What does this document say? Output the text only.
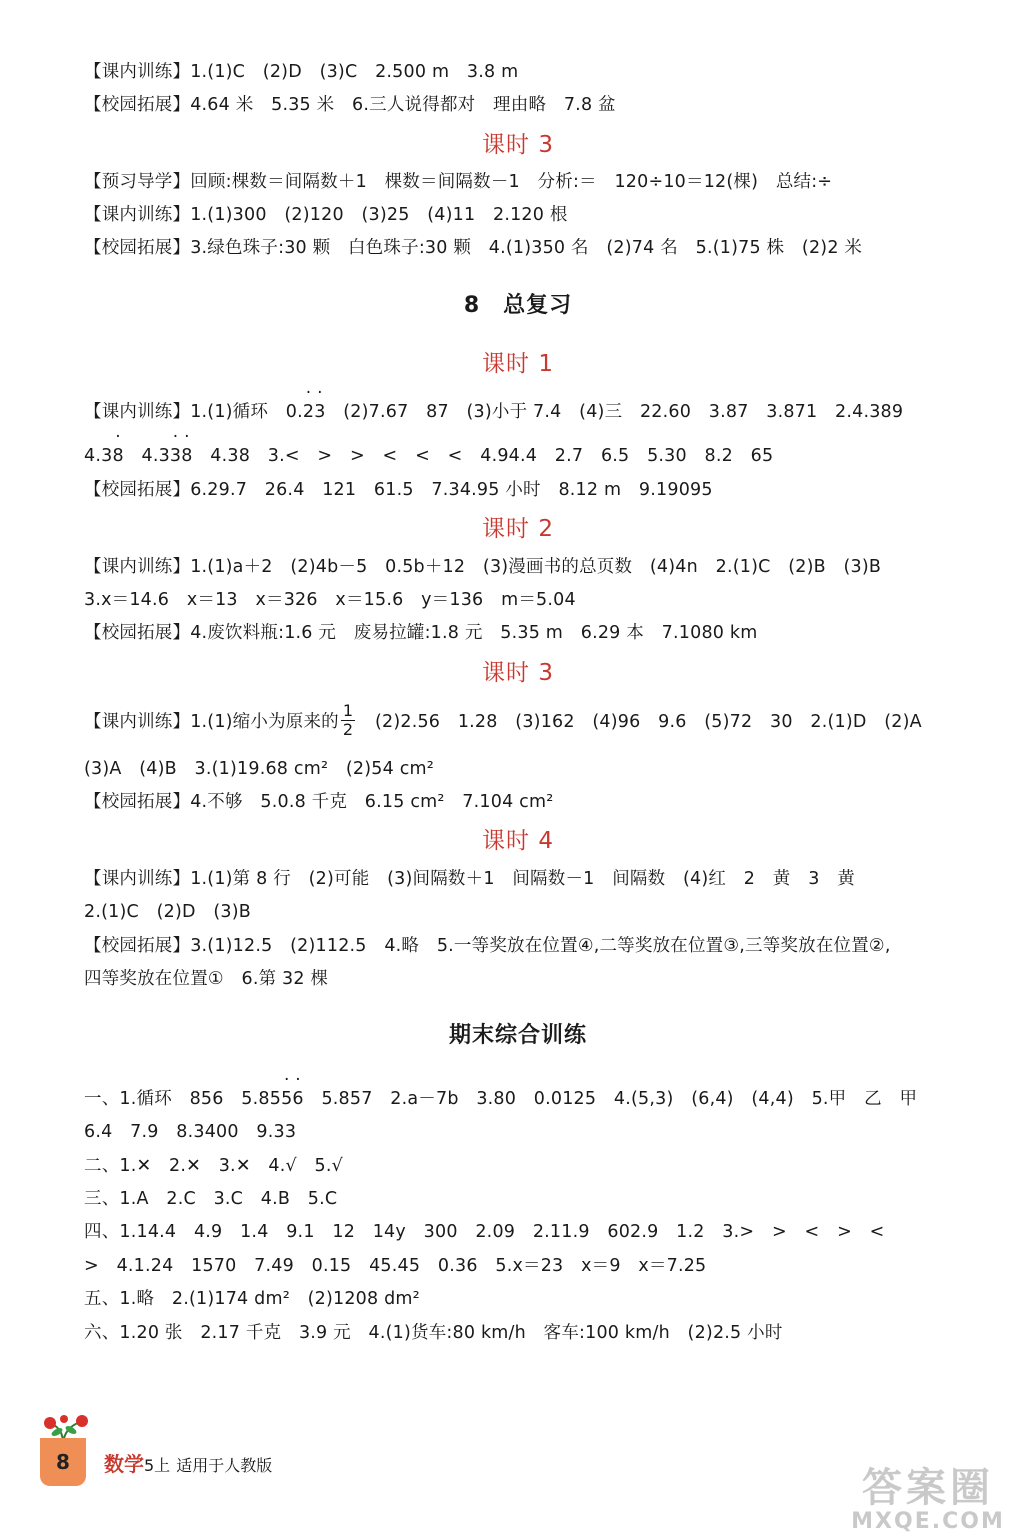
【课内训练】1.(1)C　(2)D　(3)C　2.500 m　3.8 m
【校园拓展】4.64 米　5.35 米　6.三人说得都对　理由略　7.8 盆
课时 3
【预习导学】回顾:棵数＝间隔数＋1　棵数＝间隔数－1　分析:＝　120÷10＝12(棵)　总结:÷
【课内训练】1.(1)300　(2)120　(3)25　(4)11　2.120 根
【校园拓展】3.绿色珠子:30 颗　白色珠子:30 颗　4.(1)350 名　(2)74 名　5.(1)75 株　(2)2 米
8　总复习
课时 1
【课内训练】1.(1)循环　0.· 2· 3　(2)7.67　87　(3)小于 7.4　(4)三　22.60　3.87　3.871　2.4.389
4.3· 8　4.3· 3· 8　4.38　3.<　>　>　<　<　<　4.94.4　2.7　6.5　5.30　8.2　65
【校园拓展】6.29.7　26.4　121　61.5　7.34.95 小时　8.12 m　9.19095
课时 2
【课内训练】1.(1)a＋2　(2)4b－5　0.5b＋12　(3)漫画书的总页数　(4)4n　2.(1)C　(2)B　(3)B
3.x＝14.6　x＝13　x＝326　x＝15.6　y＝136　m＝5.04
【校园拓展】4.废饮料瓶:1.6 元　废易拉罐:1.8 元　5.35 m　6.29 本　7.1080 km
课时 3
【课内训练】1.(1)缩小为原来的 $\frac{1}{2}$ 　(2)2.56　1.28　(3)162　(4)96　9.6　(5)72　30　2.(1)D　(2)A
(3)A　(4)B　3.(1)19.68 cm²　(2)54 cm²
【校园拓展】4.不够　5.0.8 千克　6.15 cm²　7.104 cm²
课时 4
【课内训练】1.(1)第 8 行　(2)可能　(3)间隔数＋1　间隔数－1　间隔数　(4)红　2　黄　3　黄
2.(1)C　(2)D　(3)B
【校园拓展】3.(1)12.5　(2)112.5　4.略　5.一等奖放在位置④,二等奖放在位置③,三等奖放在位置②,
四等奖放在位置①　6.第 32 棵
期末综合训练
一、1.循环　856　5.85· 5· 6　5.857　2.a－7b　3.80　0.0125　4.(5,3)　(6,4)　(4,4)　5.甲　乙　甲
6.4　7.9　8.3400　9.33
二、1.✕　2.✕　3.✕　4.√　5.√
三、1.A　2.C　3.C　4.B　5.C
四、1.14.4　4.9　1.4　9.1　12　14y　300　2.09　2.11.9　602.9　1.2　3.>　>　<　>　<
>　4.1.24　1570　7.49　0.15　45.45　0.36　5.x＝23　x＝9　x＝7.25
五、1.略　2.(1)174 dm²　(2)1208 dm²
六、1.20 张　2.17 千克　3.9 元　4.(1)货车:80 km/h　客车:100 km/h　(2)2.5 小时
8	数学5上 适用于人教版	答案圈
MXQE.COM
